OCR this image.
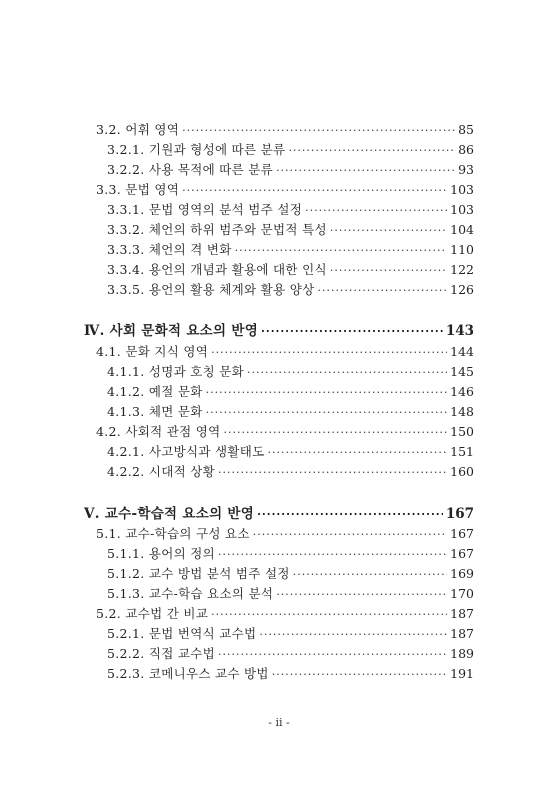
3.2. 어휘 영역 ·····	85
3.2.1. 기원과 형성에 따른 분류 ·····	86
3.2.2. 사용 목적에 따른 분류 ·····	93
3.3. 문법 영역 ·····	103
3.3.1. 문법 영역의 분석 범주 설정 ·····	103
3.3.2. 체언의 하위 범주와 문법적 특성 ·····	104
3.3.3. 체언의 격 변화 ·····	110
3.3.4. 용언의 개념과 활용에 대한 인식 ·····	122
3.3.5. 용언의 활용 체계와 활용 양상 ·····	126
Ⅳ. 사회 문화적 요소의 반영 ·····	143
4.1. 문화 지식 영역 ·····	144
4.1.1. 성명과 호칭 문화 ·····	145
4.1.2. 예절 문화 ·····	146
4.1.3. 체면 문화 ·····	148
4.2. 사회적 관점 영역 ·····	150
4.2.1. 사고방식과 생활태도 ·····	151
4.2.2. 시대적 상황 ·····	160
Ⅴ. 교수-학습적 요소의 반영 ·····	167
5.1. 교수-학습의 구성 요소 ·····	167
5.1.1. 용어의 정의 ·····	167
5.1.2. 교수 방법 분석 범주 설정 ·····	169
5.1.3. 교수-학습 요소의 분석 ·····	170
5.2. 교수법 간 비교 ·····	187
5.2.1. 문법 번역식 교수법 ·····	187
5.2.2. 직접 교수법 ·····	189
5.2.3. 코메니우스 교수 방법 ·····	191
- ii -
